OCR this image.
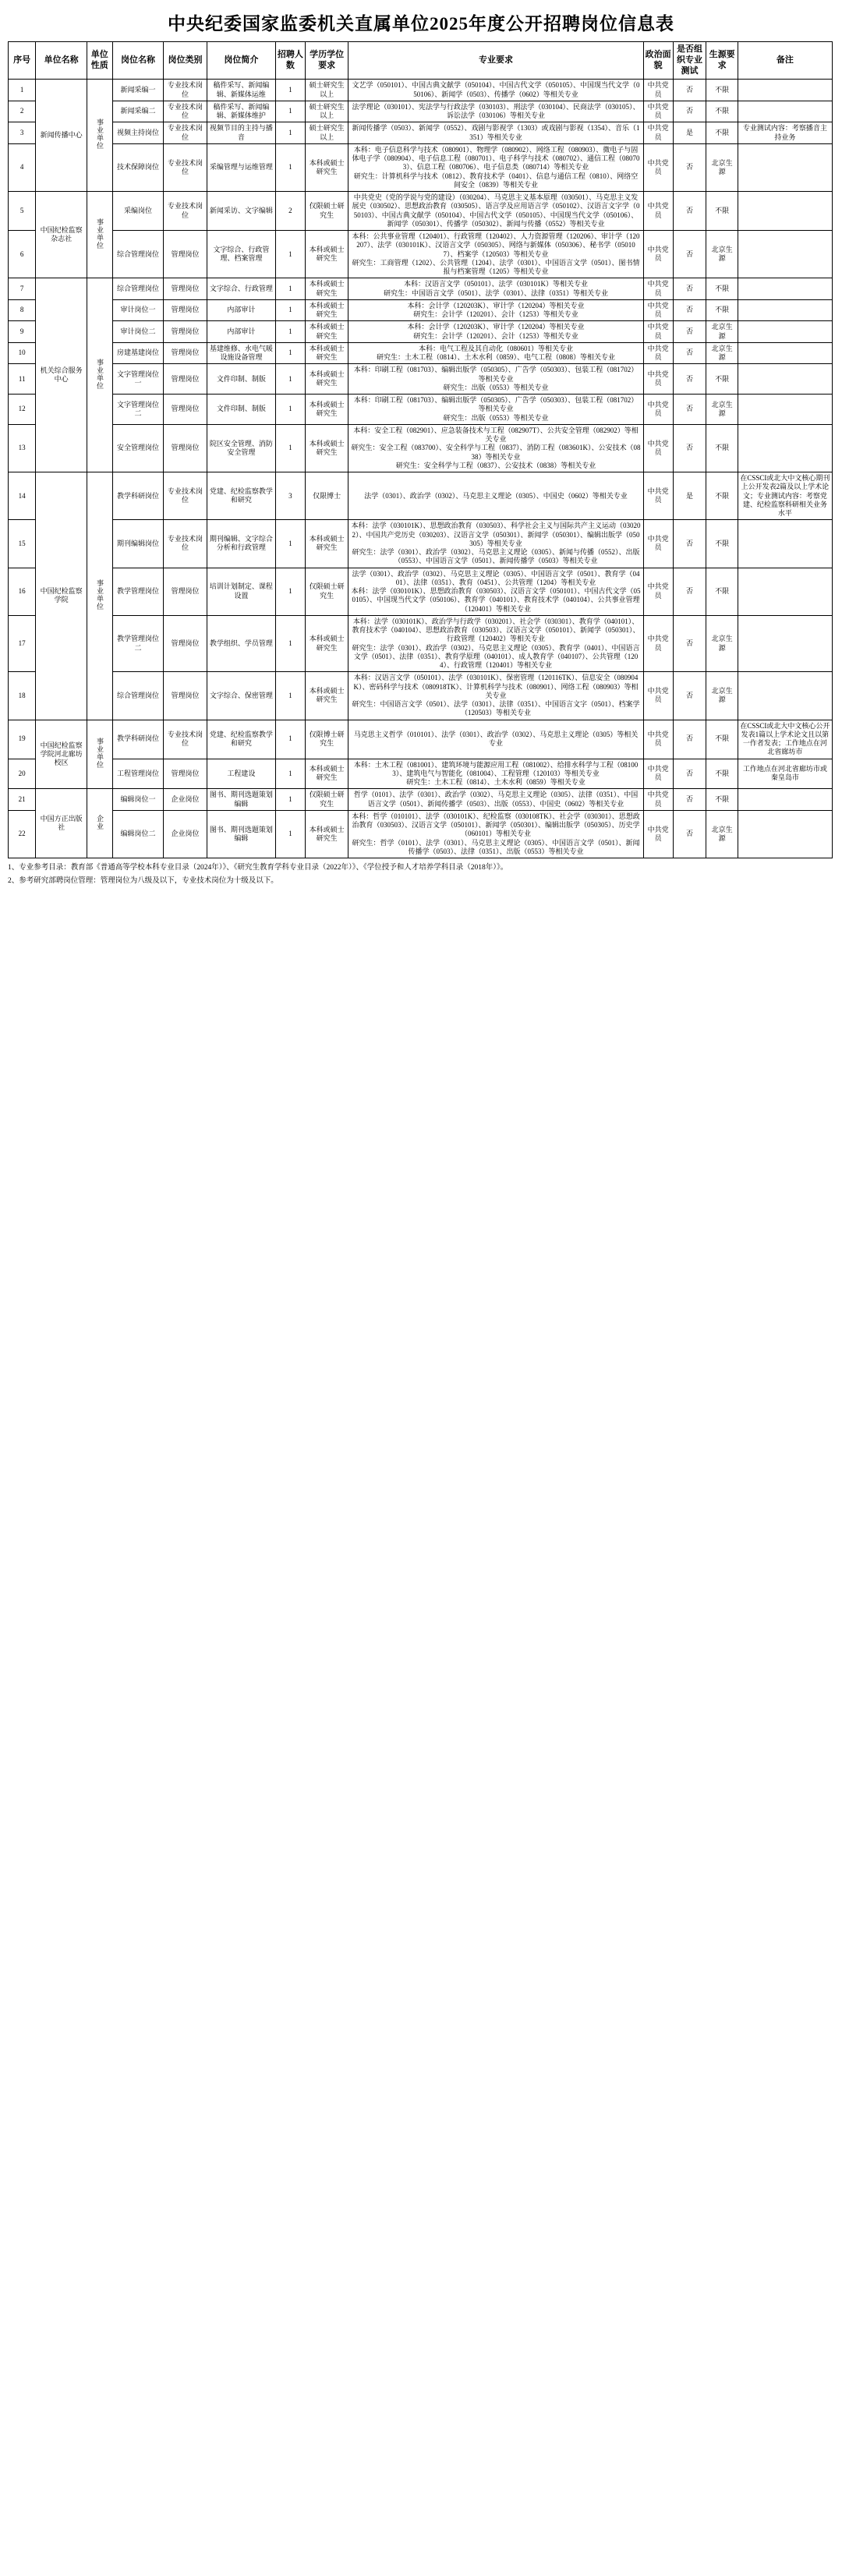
中央纪委国家监委机关直属单位2025年度公开招聘岗位信息表
序号	单位名称	单位性质	岗位名称	岗位类别	岗位简介	招聘人数	学历学位要求	专业要求	政治面貌	是否组织专业测试	生源要求	备注
1	新闻传播中心	事业单位	新闻采编一	专业技术岗位	稿件采写、新闻编辑、新媒体运维	1	硕士研究生以上	文艺学（050101）、中国古典文献学（050104）、中国古代文学（050105）、中国现当代文学（050106）、新闻学（0503）、传播学（0602）等相关专业	中共党员	否	不限	
2			新闻采编二	专业技术岗位	稿件采写、新闻编辑、新媒体维护	1	硕士研究生以上	法学理论（030101）、宪法学与行政法学（030103）、刑法学（030104）、民商法学（030105）、诉讼法学（030106）等相关专业	中共党员	否	不限	
3			视频主持岗位	专业技术岗位	视频节目的主持与播音	1	硕士研究生以上	新闻传播学（0503）、新闻学（0552）、戏剧与影视学（1303）或戏剧与影视（1354）、音乐（1351）等相关专业	中共党员	是	不限	专业测试内容：考察播音主持业务
4			技术保障岗位	专业技术岗位	采编管理与运维管理	1	本科或硕士研究生	本科：电子信息科学与技术（080901）、物理学（080902）、网络工程（080903）、微电子与固体电子学（080904）、电子信息工程（080701）、电子科学与技术（080702）、通信工程（080703）、信息工程（080706）、电子信息类（080714）等相关专业
研究生：计算机科学与技术（0812）、教育技术学（0401）、信息与通信工程（0810）、网络空间安全（0839）等相关专业	中共党员	否	北京生源	
5	中国纪检监察杂志社	事业单位	采编岗位	专业技术岗位	新闻采访、文字编辑	2	仅限硕士研究生	中共党史（党的学说与党的建设）（030204）、马克思主义基本原理（030501）、马克思主义发展史（030502）、思想政治教育（030505）、语言学及应用语言学（050102）、汉语言文字学（050103）、中国古典文献学（050104）、中国古代文学（050105）、中国现当代文学（050106）、新闻学（050301）、传播学（050302）、新闻与传播（0552）等相关专业	中共党员	否	不限	
6			综合管理岗位	管理岗位	文字综合、行政管理、档案管理	1	本科或硕士研究生	本科：公共事业管理（120401）、行政管理（120402）、人力资源管理（120206）、审计学（120207）、法学（030101K）、汉语言文学（050305）、网络与新媒体（050306）、秘书学（050107）、档案学（120503）等相关专业
研究生：工商管理（1202）、公共管理（1204）、法学（0301）、中国语言文学（0501）、图书情报与档案管理（1205）等相关专业	中共党员	否	北京生源	
7	机关综合服务中心	事业单位	综合管理岗位	管理岗位	文字综合、行政管理	1	本科或硕士研究生	本科：汉语言文学（050101）、法学（030101K）等相关专业
研究生：中国语言文学（0501）、法学（0301）、法律（0351）等相关专业	中共党员	否	不限	
8			审计岗位一	管理岗位	内部审计	1	本科或硕士研究生	本科：会计学（120203K）、审计学（120204）等相关专业
研究生：会计学（120201）、会计（1253）等相关专业	中共党员	否	不限	
9			审计岗位二	管理岗位	内部审计	1	本科或硕士研究生	本科：会计学（120203K）、审计学（120204）等相关专业
研究生：会计学（120201）、会计（1253）等相关专业	中共党员	否	北京生源	
10			房建基建岗位	管理岗位	基建维修、水电气暖设施设备管理	1	本科或硕士研究生	本科：电气工程及其自动化（080601）等相关专业
研究生：土木工程（0814）、土木水利（0859）、电气工程（0808）等相关专业	中共党员	否	北京生源	
11			文字管理岗位一	管理岗位	文件印制、制版	1	本科或硕士研究生	本科：印刷工程（081703）、编辑出版学（050305）、广告学（050303）、包装工程（081702）等相关专业
研究生：出版（0553）等相关专业	中共党员	否	不限	
12			文字管理岗位二	管理岗位	文件印制、制版	1	本科或硕士研究生	本科：印刷工程（081703）、编辑出版学（050305）、广告学（050303）、包装工程（081702）等相关专业
研究生：出版（0553）等相关专业	中共党员	否	北京生源	
13			安全管理岗位	管理岗位	院区安全管理、消防安全管理	1	本科或硕士研究生	本科：安全工程（082901）、应急装备技术与工程（082907T）、公共安全管理（082902）等相关专业
研究生：安全工程（083700）、安全科学与工程（0837）、消防工程（083601K）、公安技术（0838）等相关专业
研究生：安全科学与工程（0837）、公安技术（0838）等相关专业	中共党员	否	不限	
14	中国纪检监察学院	事业单位	教学科研岗位	专业技术岗位	党建、纪检监察教学和研究	3	仅限博士	法学（0301）、政治学（0302）、马克思主义理论（0305）、中国史（0602）等相关专业	中共党员	是	不限	在CSSCI或北大中文核心期刊上公开发表2篇及以上学术论文；专业测试内容：考察党建、纪检监察科研相关业务水平
15			期刊编辑岗位	专业技术岗位	期刊编辑、文字综合分析和行政管理	1	本科或硕士研究生	本科：法学（030101K）、思想政治教育（030503）、科学社会主义与国际共产主义运动（030202）、中国共产党历史（030203）、汉语言文学（050301）、新闻学（050301）、编辑出版学（050305）等相关专业
研究生：法学（0301）、政治学（0302）、马克思主义理论（0305）、新闻与传播（0552）、出版（0553）、中国语言文学（0501）、新闻传播学（0503）等相关专业	中共党员	否	不限	
16			教学管理岗位	管理岗位	培训计划制定、课程设置	1	仅限硕士研究生	法学（0301）、政治学（0302）、马克思主义理论（0305）、中国语言文学（0501）、教育学（0401）、法律（0351）、教育（0451）、公共管理（1204）等相关专业
本科：法学（030101K）、思想政治教育（030503）、汉语言文学（050101）、中国古代文学（050105）、中国现当代文学（050106）、教育学（040101）、教育技术学（040104）、公共事业管理（120401）等相关专业	中共党员	否	不限	
17			教学管理岗位二	管理岗位	教学组织、学员管理	1	本科或硕士研究生	本科：法学（030101K）、政治学与行政学（030201）、社会学（030301）、教育学（040101）、教育技术学（040104）、思想政治教育（030503）、汉语言文学（050101）、新闻学（050301）、行政管理（120402）等相关专业
研究生：法学（0301）、政治学（0302）、马克思主义理论（0305）、教育学（0401）、中国语言文学（0501）、法律（0351）、教育学原理（040101）、成人教育学（040107）、公共管理（1204）、行政管理（120401）等相关专业	中共党员	否	北京生源	
18			综合管理岗位	管理岗位	文字综合、保密管理	1	本科或硕士研究生	本科：汉语言文学（050101）、法学（030101K）、保密管理（120116TK）、信息安全（080904K）、密码科学与技术（080918TK）、计算机科学与技术（080901）、网络工程（080903）等相关专业
研究生：中国语言文学（0501）、法学（0301）、法律（0351）、中国语言文字（0501）、档案学（120503）等相关专业	中共党员	否	北京生源	
19	中国纪检监察学院河北廊坊校区	事业单位	教学科研岗位	专业技术岗位	党建、纪检监察教学和研究	1	仅限博士研究生	马克思主义哲学（010101）、法学（0301）、政治学（0302）、马克思主义理论（0305）等相关专业	中共党员	否	不限	在CSSCI或北大中文核心公开发表1篇以上学术论文且以第一作者发表；工作地点在河北省廊坊市
20			工程管理岗位	管理岗位	工程建设	1	本科或硕士研究生	本科：土木工程（081001）、建筑环境与能源应用工程（081002）、给排水科学与工程（081003）、建筑电气与智能化（081004）、工程管理（120103）等相关专业
研究生：土木工程（0814）、土木水利（0859）等相关专业	中共党员	否	不限	工作地点在河北省廊坊市或秦皇岛市
21	中国方正出版社	企业	编辑岗位一	企业岗位	图书、期刊选题策划编辑	1	仅限硕士研究生	哲学（0101）、法学（0301）、政治学（0302）、马克思主义理论（0305）、法律（0351）、中国语言文学（0501）、新闻传播学（0503）、出版（0553）、中国史（0602）等相关专业	中共党员	否	不限	
22			编辑岗位二	企业岗位	图书、期刊选题策划编辑	1	本科或硕士研究生	本科：哲学（010101）、法学（030101K）、纪检监察（030108TK）、社会学（030301）、思想政治教育（030503）、汉语言文学（050101）、新闻学（050301）、编辑出版学（050305）、历史学（060101）等相关专业
研究生：哲学（0101）、法学（0301）、马克思主义理论（0305）、中国语言文学（0501）、新闻传播学（0503）、法律（0351）、出版（0553）等相关专业	中共党员	否	北京生源	
1、专业参考目录：教育部《普通高等学校本科专业目录（2024年）》、《研究生教育学科专业目录（2022年）》、《学位授予和人才培养学科目录（2018年）》。
2、参考研究部聘岗位管理：管理岗位为八级及以下，专业技术岗位为十级及以下。
